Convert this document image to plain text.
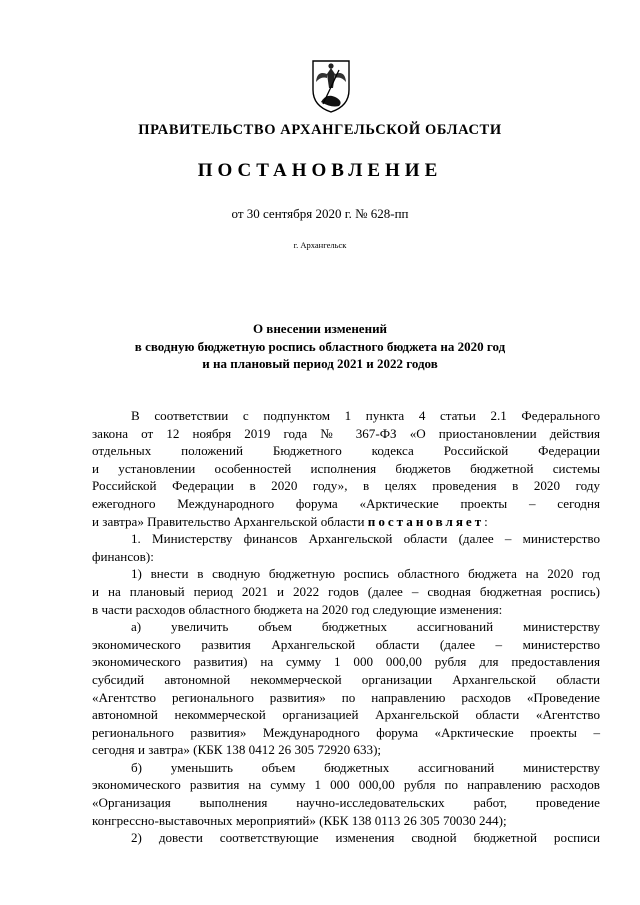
ПРАВИТЕЛЬСТВО АРХАНГЕЛЬСКОЙ ОБЛАСТИ
ПОСТАНОВЛЕНИЕ
от 30 сентября 2020 г. № 628-пп
г. Архангельск
О внесении изменений
в сводную бюджетную роспись областного бюджета на 2020 год
и на плановый период 2021 и 2022 годов
В соответствии с подпунктом 1 пункта 4 статьи 2.1 Федерального
закона от 12 ноября 2019 года № 367-ФЗ «О приостановлении действия
отдельных положений Бюджетного кодекса Российской Федерации
и установлении особенностей исполнения бюджетов бюджетной системы
Российской Федерации в 2020 году», в целях проведения в 2020 году
ежегодного Международного форума «Арктические проекты – сегодня
и завтра» Правительство Архангельской области постановляет:
1. Министерству финансов Архангельской области (далее – министерство
финансов):
1) внести в сводную бюджетную роспись областного бюджета на 2020 год
и на плановый период 2021 и 2022 годов (далее – сводная бюджетная роспись)
в части расходов областного бюджета на 2020 год следующие изменения:
а) увеличить объем бюджетных ассигнований министерству
экономического развития Архангельской области (далее – министерство
экономического развития) на сумму 1 000 000,00 рубля для предоставления
субсидий автономной некоммерческой организации Архангельской области
«Агентство регионального развития» по направлению расходов «Проведение
автономной некоммерческой организацией Архангельской области «Агентство
регионального развития» Международного форума «Арктические проекты –
сегодня и завтра» (КБК 138 0412 26 305 72920 633);
б) уменьшить объем бюджетных ассигнований министерству
экономического развития на сумму 1 000 000,00 рубля по направлению расходов
«Организация выполнения научно-исследовательских работ, проведение
конгрессно-выставочных мероприятий» (КБК 138 0113 26 305 70030 244);
2) довести соответствующие изменения сводной бюджетной росписи
